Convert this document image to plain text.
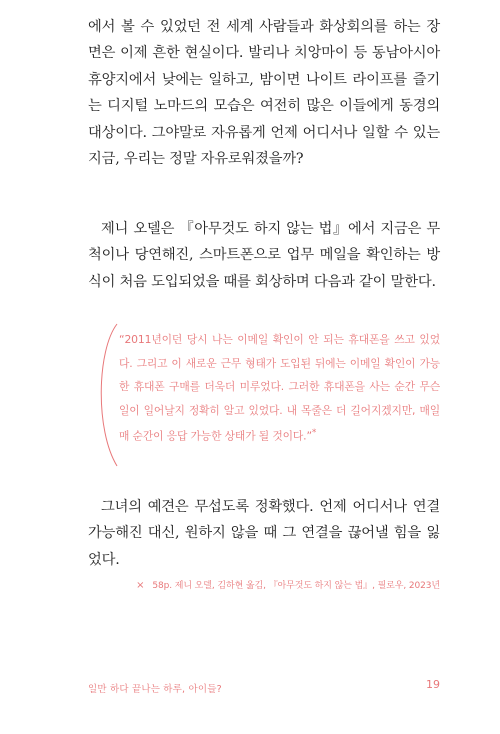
에서 볼 수 있었던 전 세계 사람들과 화상회의를 하는 장면은 이제 흔한 현실이다. 발리나 치앙마이 등 동남아시아 휴양지에서 낮에는 일하고, 밤이면 나이트 라이프를 즐기는 디지털 노마드의 모습은 여전히 많은 이들에게 동경의 대상이다. 그야말로 자유롭게 언제 어디서나 일할 수 있는 지금, 우리는 정말 자유로워졌을까?

제니 오델은 『아무것도 하지 않는 법』에서 지금은 무척이나 당연해진, 스마트폰으로 업무 메일을 확인하는 방식이 처음 도입되었을 때를 회상하며 다음과 같이 말한다.

“2011년이던 당시 나는 이메일 확인이 안 되는 휴대폰을 쓰고 있었다. 그리고 이 새로운 근무 형태가 도입된 뒤에는 이메일 확인이 가능한 휴대폰 구매를 더욱더 미루었다. 그러한 휴대폰을 사는 순간 무슨 일이 일어날지 정확히 알고 있었다. 내 목줄은 더 길어지겠지만, 매일 매 순간이 응답 가능한 상태가 될 것이다.”*

그녀의 예견은 무섭도록 정확했다. 언제 어디서나 연결 가능해진 대신, 원하지 않을 때 그 연결을 끊어낼 힘을 잃었다.

× 58p. 제니 오델, 김하현 옮김, 『아무것도 하지 않는 법』, 필로우, 2023년
일만 하다 끝나는 하루, 아이들?	19
